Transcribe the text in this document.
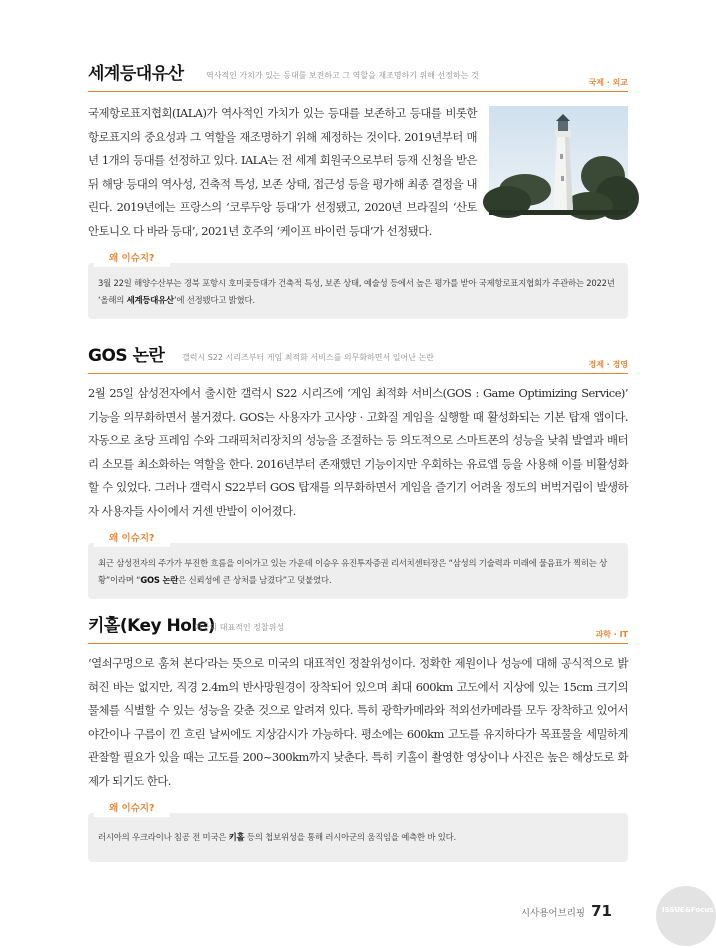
세계등대유산	역사적인 가치가 있는 등대를 보전하고 그 역할을 재조명하기 위해 선정하는 것
국제 · 외교

국제항로표지협회(IALA)가 역사적인 가치가 있는 등대를 보존하고 등대를 비롯한 항로표지의 중요성과 그 역할을 재조명하기 위해 제정하는 것이다. 2019년부터 매년 1개의 등대를 선정하고 있다. IALA는 전 세계 회원국으로부터 등재 신청을 받은 뒤 해당 등대의 역사성, 건축적 특성, 보존 상태, 접근성 등을 평가해 최종 결정을 내린다. 2019년에는 프랑스의 ‘코루두앙 등대’가 선정됐고, 2020년 브라질의 ‘산토 안토니오 다 바라 등대’, 2021년 호주의 ‘케이프 바이런 등대’가 선정됐다.

왜 이슈지?
3월 22일 해양수산부는 경북 포항시 호미곶등대가 건축적 특성, 보존 상태, 예술성 등에서 높은 평가를 받아 국제항로표지협회가 주관하는 2022년 ‘올해의 세계등대유산’에 선정됐다고 밝혔다.
GOS 논란 갤럭시 S22 시리즈부터 게임 최적화 서비스를 의무화하면서 일어난 논란
경제 · 경영

2월 25일 삼성전자에서 출시한 갤럭시 S22 시리즈에 ‘게임 최적화 서비스(GOS : Game Optimizing Service)’ 기능을 의무화하면서 불거졌다. GOS는 사용자가 고사양 · 고화질 게임을 실행할 때 활성화되는 기본 탑재 앱이다. 자동으로 초당 프레임 수와 그래픽처리장치의 성능을 조절하는 등 의도적으로 스마트폰의 성능을 낮춰 발열과 배터리 소모를 최소화하는 역할을 한다. 2016년부터 존재했던 기능이지만 우회하는 유료앱 등을 사용해 이를 비활성화할 수 있었다. 그러나 갤럭시 S22부터 GOS 탑재를 의무화하면서 게임을 즐기기 어려울 정도의 버벅거림이 발생하자 사용자들 사이에서 거센 반발이 이어졌다.

왜 이슈지?
최근 삼성전자의 주가가 부진한 흐름을 이어가고 있는 가운데 이승우 유진투자증권 리서치센터장은 “삼성의 기술력과 미래에 물음표가 찍히는 상황”이라며 “GOS 논란은 신뢰성에 큰 상처를 남겼다”고 덧붙였다.
키홀(Key Hole)
미국의 대표적인 정찰위성
과학 · IT

‘열쇠구멍으로 훔쳐 본다’라는 뜻으로 미국의 대표적인 정찰위성이다. 정확한 제원이나 성능에 대해 공식적으로 밝혀진 바는 없지만, 직경 2.4m의 반사망원경이 장착되어 있으며 최대 600km 고도에서 지상에 있는 15cm 크기의 물체를 식별할 수 있는 성능을 갖춘 것으로 알려져 있다. 특히 광학카메라와 적외선카메라를 모두 장착하고 있어서 야간이나 구름이 낀 흐린 날씨에도 지상감시가 가능하다. 평소에는 600km 고도를 유지하다가 목표물을 세밀하게 관찰할 필요가 있을 때는 고도를 200~300km까지 낮춘다. 특히 키홀이 촬영한 영상이나 사진은 높은 해상도로 화제가 되기도 한다.

왜 이슈지?
러시아의 우크라이나 침공 전 미국은 키홀 등의 첩보위성을 통해 러시아군의 움직임을 예측한 바 있다.
시사용어브리핑 71	ISSUE&Focus
